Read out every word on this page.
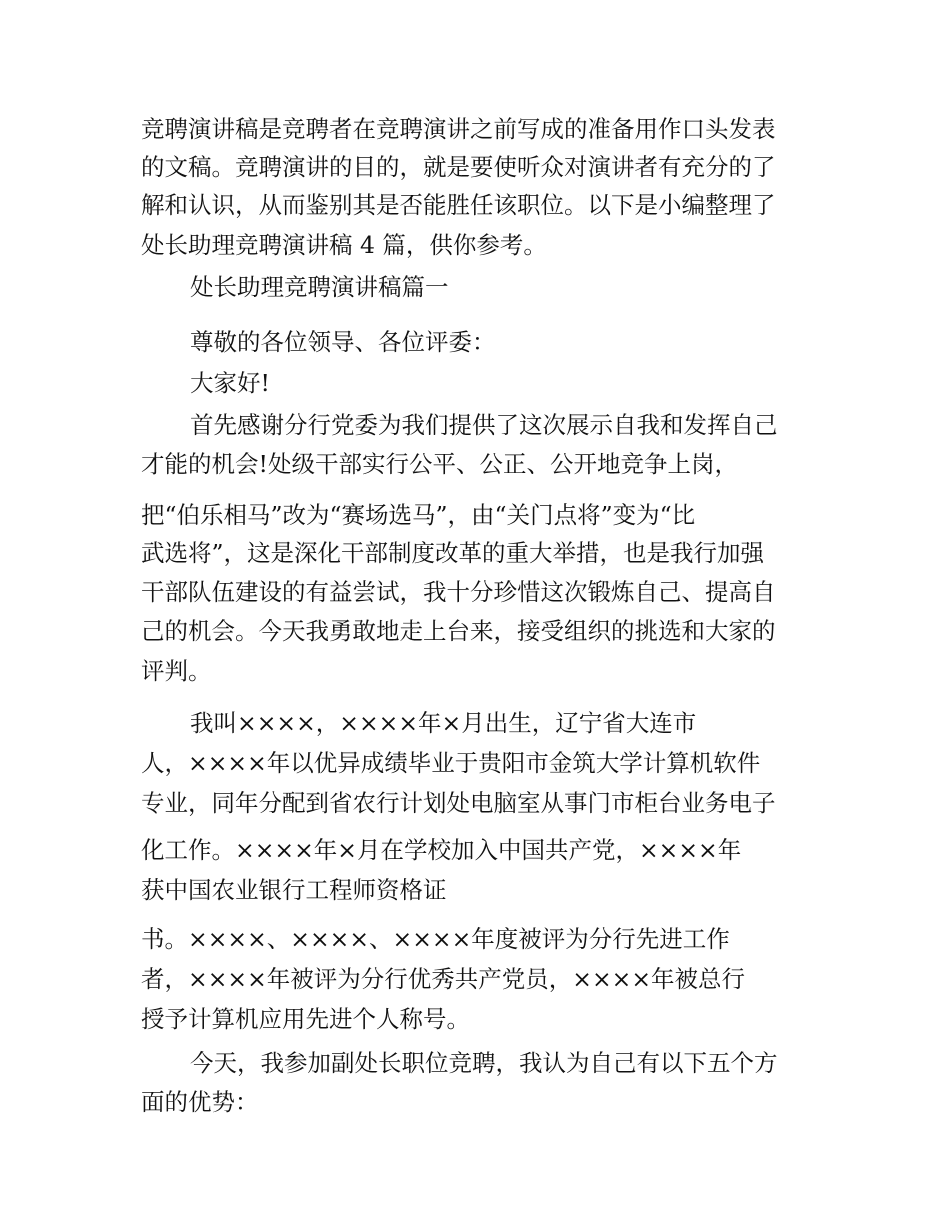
竞聘演讲稿是竞聘者在竞聘演讲之前写成的准备用作口头发表
的文稿。竞聘演讲的目的，就是要使听众对演讲者有充分的了
解和认识，从而鉴别其是否能胜任该职位。以下是小编整理了
处长助理竞聘演讲稿 4 篇，供你参考。
处长助理竞聘演讲稿篇一
尊敬的各位领导、各位评委：
大家好!
首先感谢分行党委为我们提供了这次展示自我和发挥自己
才能的机会!处级干部实行公平、公正、公开地竞争上岗，
把“伯乐相马”改为“赛场选马”，由“关门点将”变为“比
武选将”，这是深化干部制度改革的重大举措，也是我行加强
干部队伍建设的有益尝试，我十分珍惜这次锻炼自己、提高自
己的机会。今天我勇敢地走上台来，接受组织的挑选和大家的
评判。
我叫××××，××××年×月出生，辽宁省大连市
人，××××年以优异成绩毕业于贵阳市金筑大学计算机软件
专业，同年分配到省农行计划处电脑室从事门市柜台业务电子
化工作。××××年×月在学校加入中国共产党，××××年
获中国农业银行工程师资格证
书。××××、××××、××××年度被评为分行先进工作
者，××××年被评为分行优秀共产党员，××××年被总行
授予计算机应用先进个人称号。
今天，我参加副处长职位竞聘，我认为自己有以下五个方
面的优势：
